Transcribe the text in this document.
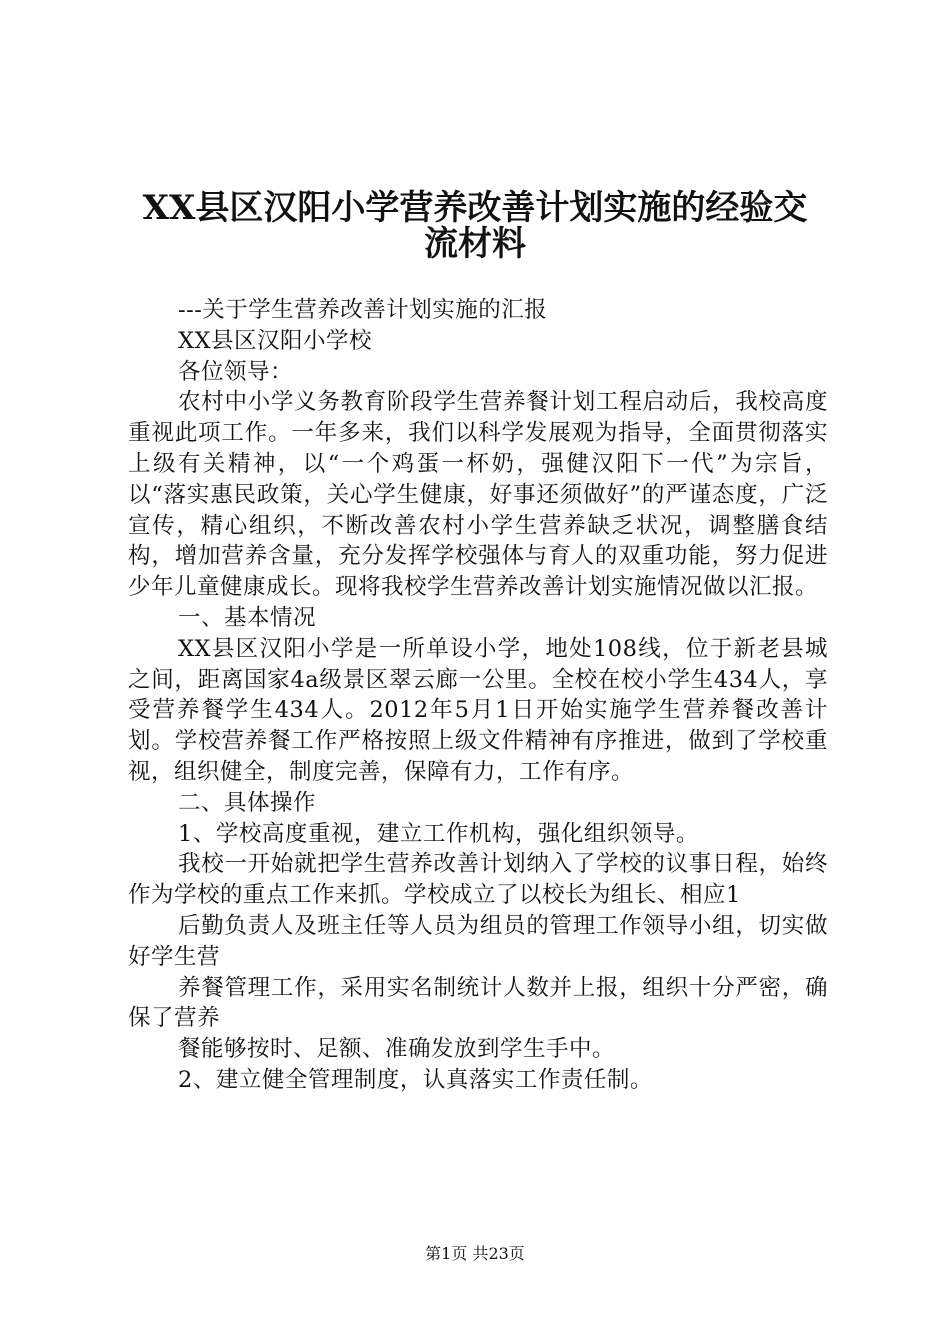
XX县区汉阳小学营养改善计划实施的经验交
流材料

---关于学生营养改善计划实施的汇报

XX县区汉阳小学校

各位领导：

农村中小学义务教育阶段学生营养餐计划工程启动后，我校高度重视此项工作。一年多来，我们以科学发展观为指导，全面贯彻落实上级有关精神，以“一个鸡蛋一杯奶，强健汉阳下一代”为宗旨，以“落实惠民政策，关心学生健康，好事还须做好”的严谨态度，广泛宣传，精心组织，不断改善农村小学生营养缺乏状况，调整膳食结构，增加营养含量，充分发挥学校强体与育人的双重功能，努力促进少年儿童健康成长。现将我校学生营养改善计划实施情况做以汇报。

一、基本情况

XX县区汉阳小学是一所单设小学，地处108线，位于新老县城之间，距离国家4a级景区翠云廊一公里。全校在校小学生434人，享受营养餐学生434人。2012年5月1日开始实施学生营养餐改善计划。学校营养餐工作严格按照上级文件精神有序推进，做到了学校重视，组织健全，制度完善，保障有力，工作有序。

二、具体操作

1、学校高度重视，建立工作机构，强化组织领导。

我校一开始就把学生营养改善计划纳入了学校的议事日程，始终作为学校的重点工作来抓。学校成立了以校长为组长、相应1

后勤负责人及班主任等人员为组员的管理工作领导小组，切实做好学生营

养餐管理工作，采用实名制统计人数并上报，组织十分严密，确保了营养

餐能够按时、足额、准确发放到学生手中。

2、建立健全管理制度，认真落实工作责任制。

第1页 共23页
